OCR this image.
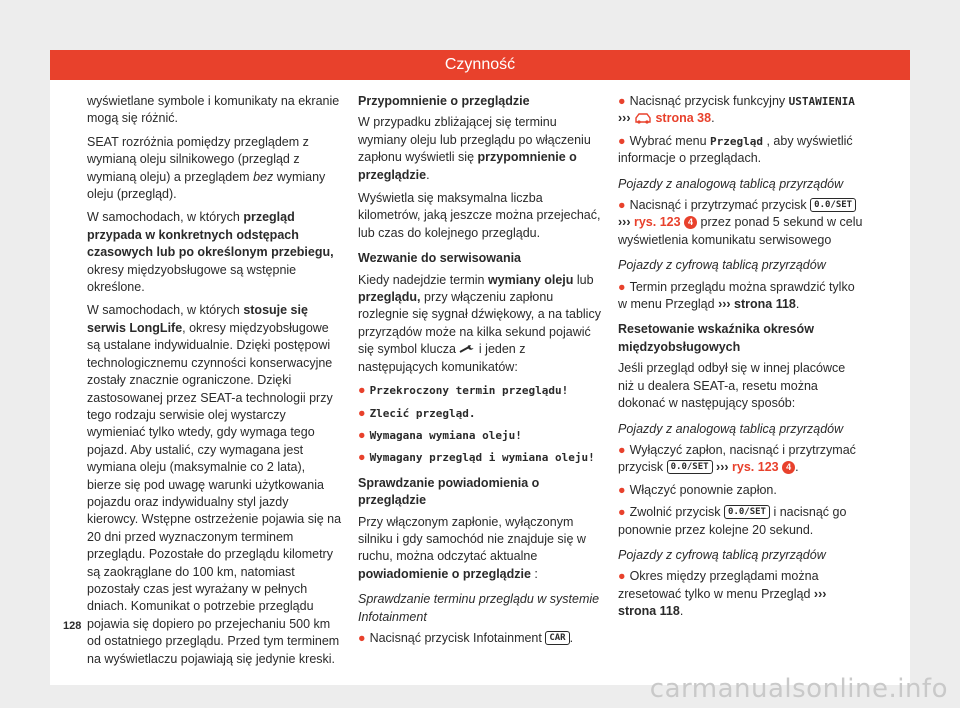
Czynność

wyświetlane symbole i komunikaty na ekranie mogą się różnić.

SEAT rozróżnia pomiędzy przeglądem z wymianą oleju silnikowego (przegląd z wymianą oleju) a przeglądem bez wymiany oleju (przegląd).

W samochodach, w których przegląd przypada w konkretnych odstępach czasowych lub po określonym przebiegu, okresy międzyobsługowe są wstępnie określone.

W samochodach, w których stosuje się serwis LongLife, okresy międzyobsługowe są ustalane indywidualnie. Dzięki postępowi technologicznemu czynności konserwacyjne zostały znacznie ograniczone. Dzięki zastosowanej przez SEAT-a technologii przy tego rodzaju serwisie olej wystarczy wymieniać tylko wtedy, gdy wymaga tego pojazd. Aby ustalić, czy wymagana jest wymiana oleju (maksymalnie co 2 lata), bierze się pod uwagę warunki użytkowania pojazdu oraz indywidualny styl jazdy kierowcy. Wstępne ostrzeżenie pojawia się na 20 dni przed wyznaczonym terminem przeglądu. Pozostałe do przeglądu kilometry są zaokrąglane do 100 km, natomiast pozostały czas jest wyrażany w pełnych dniach. Komunikat o potrzebie przeglądu pojawia się dopiero po przejechaniu 500 km od ostatniego przeglądu. Przed tym terminem na wyświetlaczu pojawiają się jedynie kreski.

Przypomnienie o przeglądzie

W przypadku zbliżającej się terminu wymiany oleju lub przeglądu po włączeniu zapłonu wyświetli się przypomnienie o przeglądzie.

Wyświetla się maksymalna liczba kilometrów, jaką jeszcze można przejechać, lub czas do kolejnego przeglądu.

Wezwanie do serwisowania

Kiedy nadejdzie termin wymiany oleju lub przeglądu, przy włączeniu zapłonu rozlegnie się sygnał dźwiękowy, a na tablicy przyrządów może na kilka sekund pojawić się symbol klucza  i jeden z następujących komunikatów:

● Przekroczony termin przeglądu!
● Zlecić przegląd.
● Wymagana wymiana oleju!
● Wymagany przegląd i wymiana oleju!
Sprawdzanie powiadomienia o przeglądzie

Przy włączonym zapłonie, wyłączonym silniku i gdy samochód nie znajduje się w ruchu, można odczytać aktualne powiadomienie o przeglądzie :

Sprawdzanie terminu przeglądu w systemie Infotainment

● Nacisnąć przycisk Infotainment CAR .
● Nacisnąć przycisk funkcyjny USTAWIENIA ››› strona 38.
● Wybrać menu Przegląd , aby wyświetlić informacje o przeglądach.

Pojazdy z analogową tablicą przyrządów

● Nacisnąć i przytrzymać przycisk 0.0/SET
››› rys. 123 4 przez ponad 5 sekund w celu wyświetlenia komunikatu serwisowego

Pojazdy z cyfrową tablicą przyrządów

● Termin przeglądu można sprawdzić tylko w menu Przegląd ››› strona 118.
Resetowanie wskaźnika okresów międzyobsługowych

Jeśli przegląd odbył się w innej placówce niż u dealera SEAT-a, resetu można dokonać w następujący sposób:

Pojazdy z analogową tablicą przyrządów

● Wyłączyć zapłon, nacisnąć i przytrzymać przycisk 0.0/SET ››› rys. 123 4 .
● Włączyć ponownie zapłon.
● Zwolnić przycisk 0.0/SET i nacisnąć go ponownie przez kolejne 20 sekund.

Pojazdy z cyfrową tablicą przyrządów

● Okres między przeglądami można zresetować tylko w menu Przegląd ››› strona 118.
128
carmanualsonline.info
